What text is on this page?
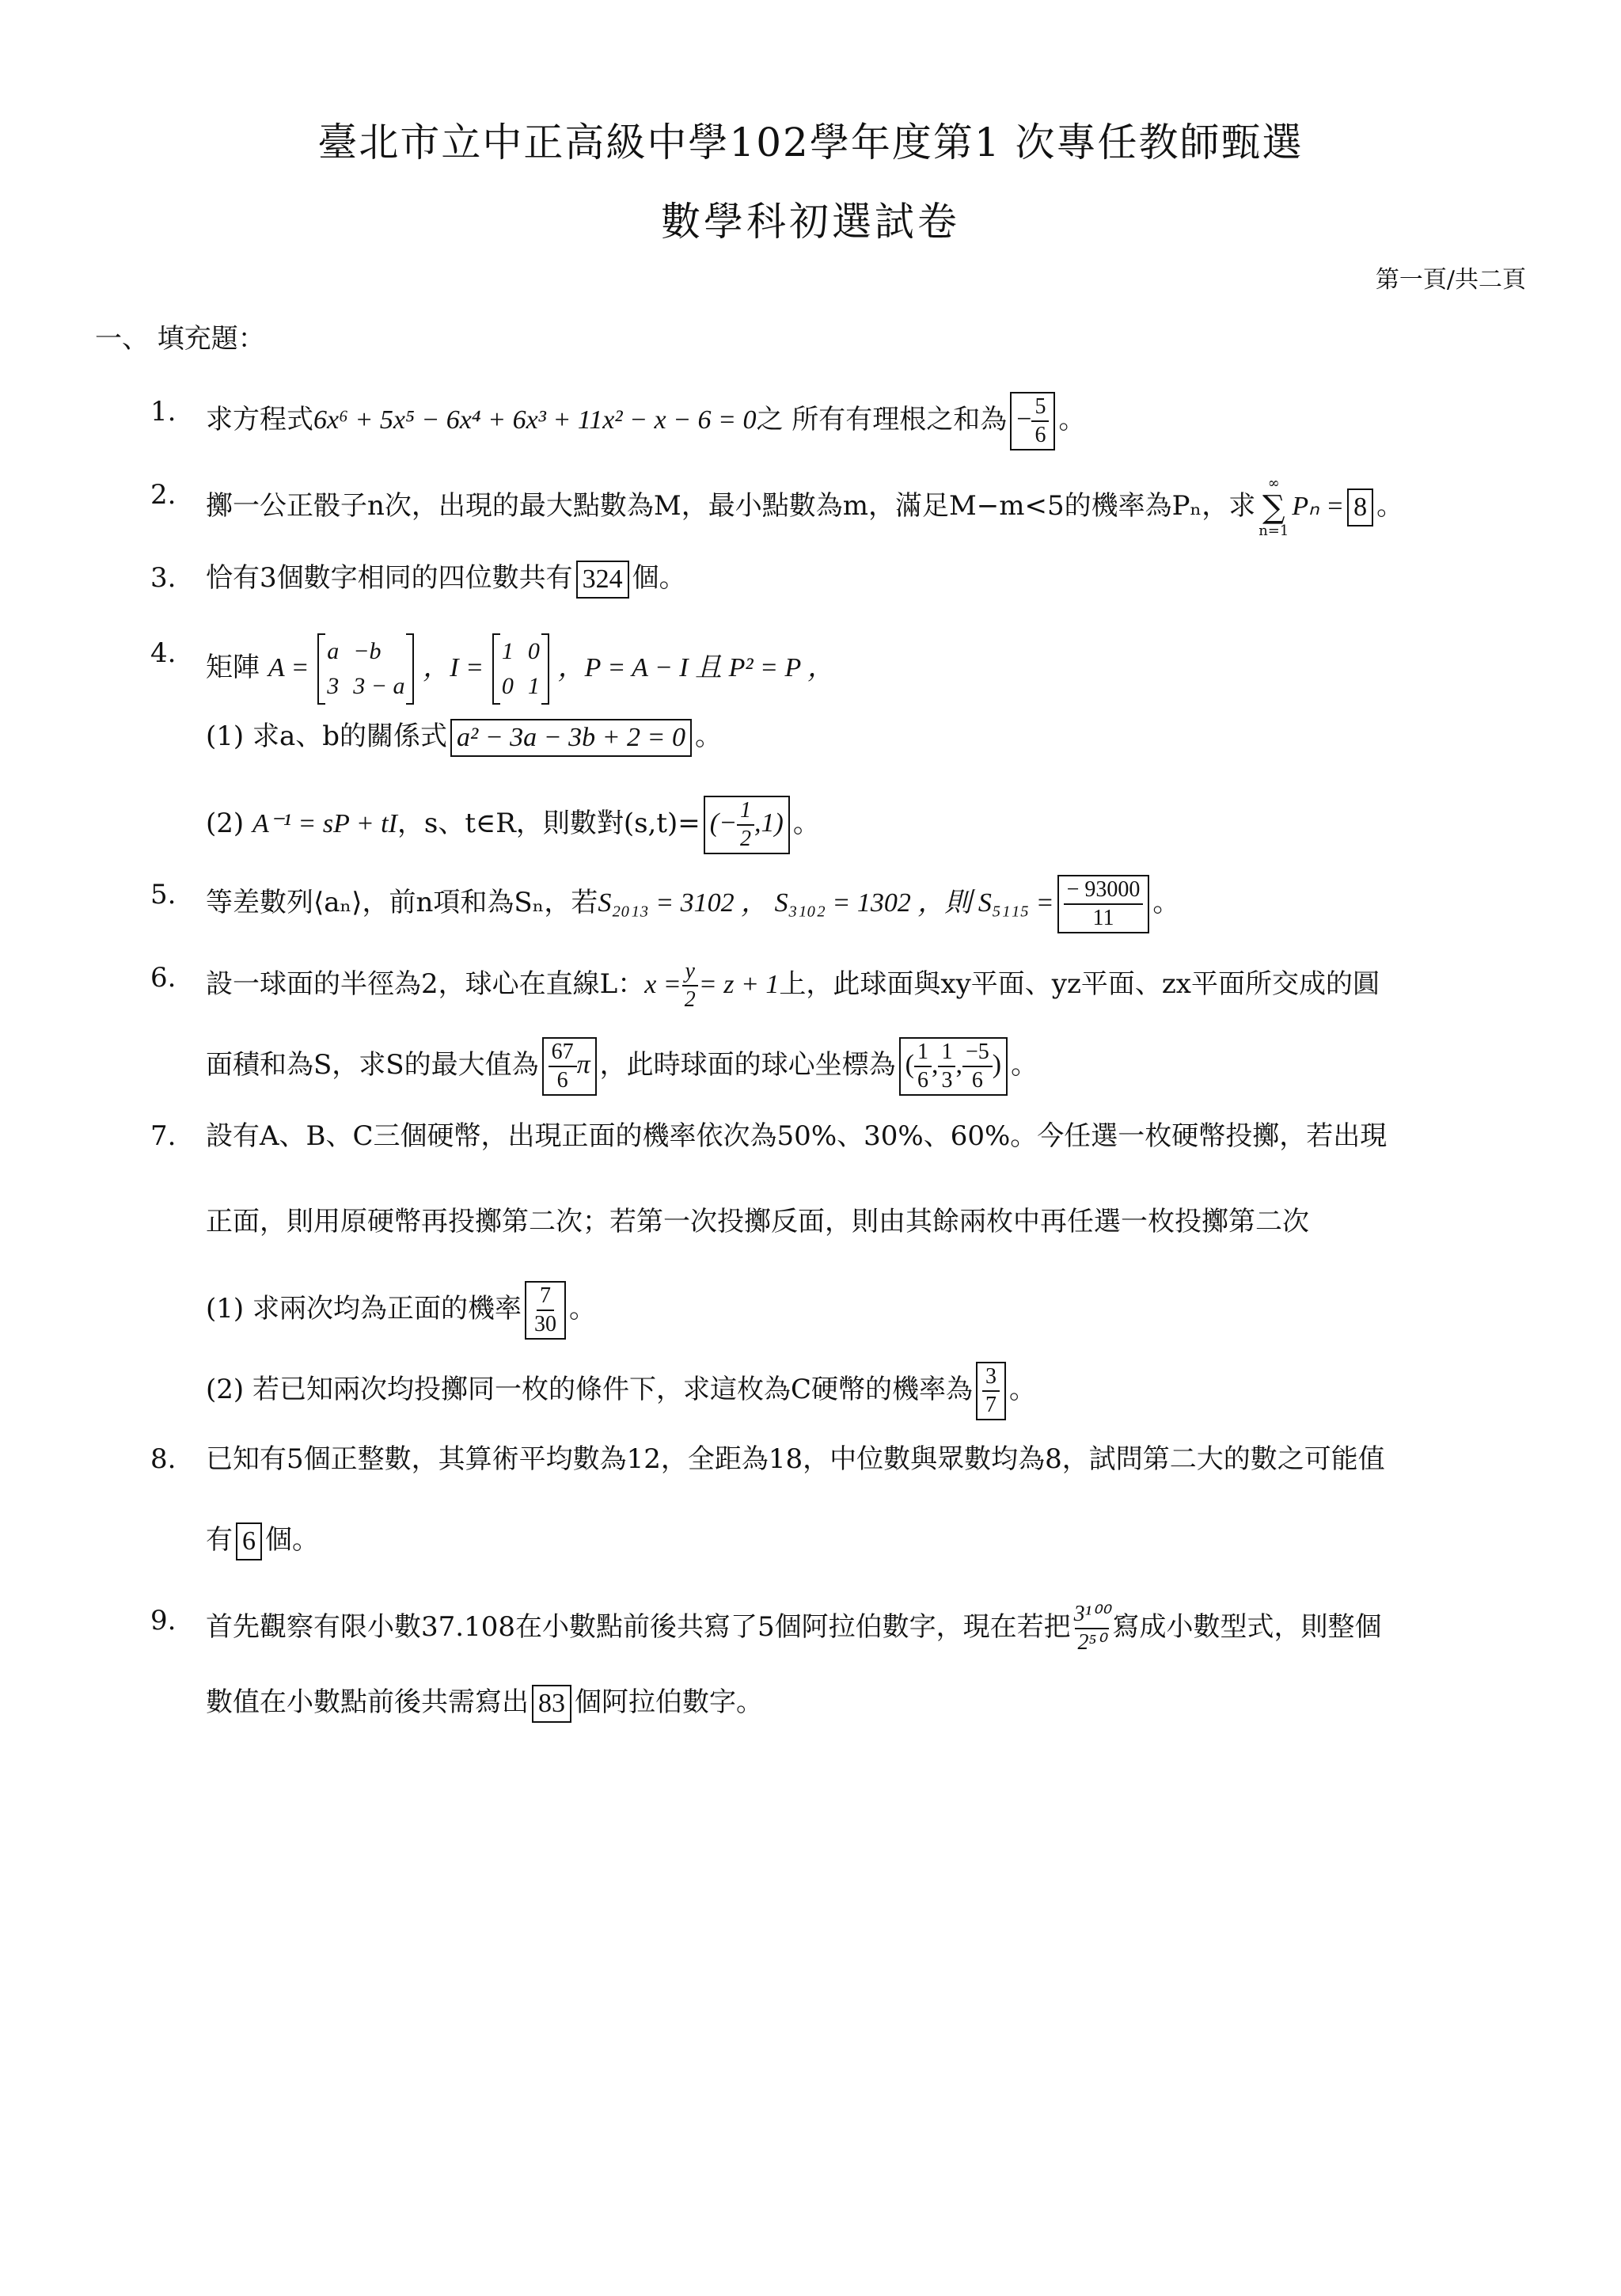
臺北市立中正高級中學102學年度第1 次專任教師甄選
數學科初選試卷
第一頁/共二頁
一、 填充題：
1.	求方程式6x⁶ + 5x⁵ − 6x⁴ + 6x³ + 11x² − x − 6 = 0之 所有有理根之和為 − $\frac{5}{6}$ 。
2.	擲一公正骰子n次，出現的最大點數為M，最小點數為m，滿足M−m<5的機率為Pₙ，求
∞
∑
n=1
Pₙ = 8 。
3.	恰有3個數字相同的四位數共有 324 個。
4.	矩陣 A =
a −b
3 3 − a
，I =
1 0
0 1
，P = A − I 且 P² = P ，
(1) 求a、b的關係式 a² − 3a − 3b + 2 = 0 。
(2) A⁻¹ = sP + tI，s、t∈R，則數對(s,t)= (− $\frac{1}{2} ,1$) 。
5.	等差數列⟨aₙ⟩，前n項和為Sₙ，若S₂₀₁₃ = 3102 ， S₃₁₀₂ = 1302 ，則 $S_{5115} = \frac{- 93000}{11}$ 。
6.	設一球面的半徑為2，球心在直線L：$x = \frac{y}{2} = z + 1$上，此球面與xy平面、yz平面、zx平面所交成的圓
面積和為S，求S的最大值為 $\frac{67}{6}$ π ，此時球面的球心坐標為 ( $\frac{1}{6}$ , $\frac{1}{3}$ , $\frac{-5}{6}$ ) 。
7.	設有A、B、C三個硬幣，出現正面的機率依次為50%、30%、60%。今任選一枚硬幣投擲，若出現
正面，則用原硬幣再投擲第二次；若第一次投擲反面，則由其餘兩枚中再任選一枚投擲第二次
(1) 求兩次均為正面的機率 $\frac{7}{30}$ 。
(2) 若已知兩次均投擲同一枚的條件下，求這枚為C硬幣的機率為 $\frac{3}{7}$ 。
8.	已知有5個正整數，其算術平均數為12，全距為18，中位數與眾數均為8，試問第二大的數之可能值
有 6 個。
9.	首先觀察有限小數37.108在小數點前後共寫了5個阿拉伯數字，現在若把 $\frac{\text{3¹⁰⁰}}{\text{2⁵⁰}}$ 寫成小數型式，則整個
數值在小數點前後共需寫出 83 個阿拉伯數字。
